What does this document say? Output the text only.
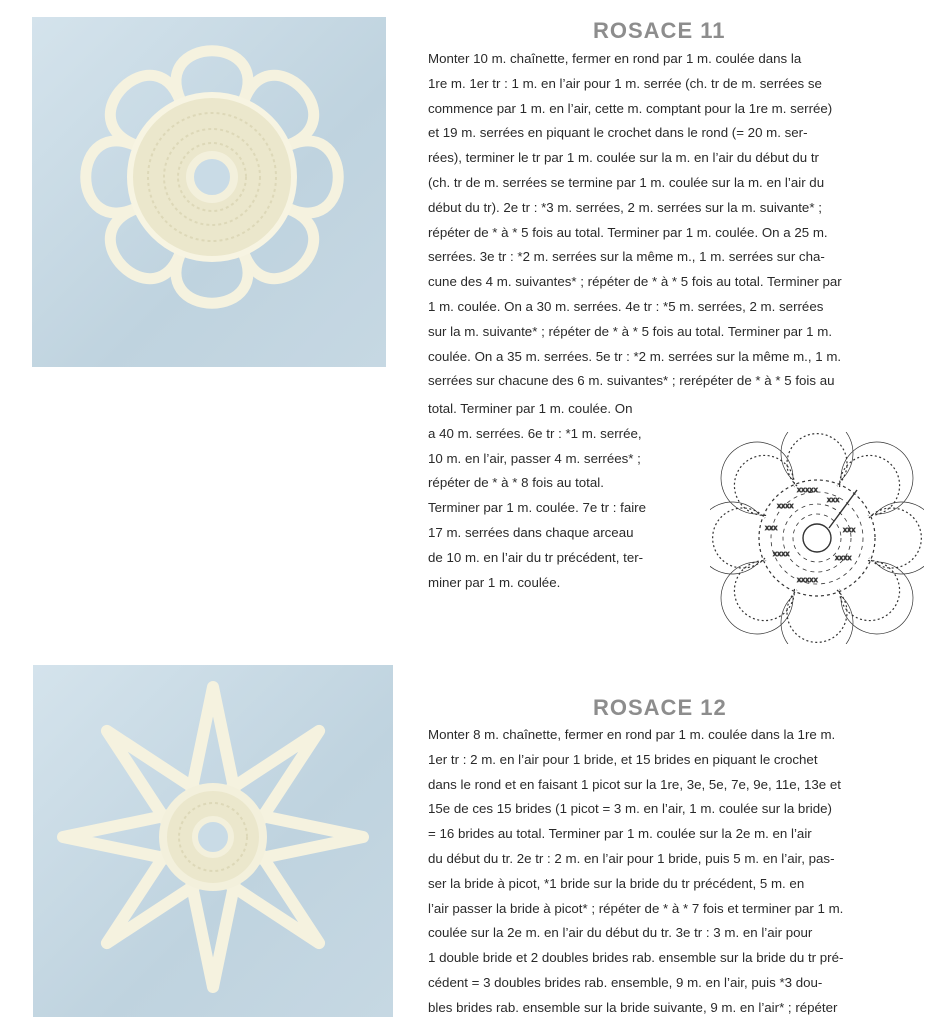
ROSACE 11
Monter 10 m. chaînette, fermer en rond par 1 m. coulée dans la
1re m. 1er tr : 1 m. en l’air pour 1 m. serrée (ch. tr de m. serrées se
commence par 1 m. en l’air, cette m. comptant pour la 1re m. serrée)
et 19 m. serrées en piquant le crochet dans le rond (= 20 m. ser-
rées), terminer le tr par 1 m. coulée sur la m. en l’air du début du tr
(ch. tr de m. serrées se termine par 1 m. coulée sur la m. en l’air du
début du tr). 2e tr : *3 m. serrées, 2 m. serrées sur la m. suivante* ;
répéter de * à * 5 fois au total. Terminer par 1 m. coulée. On a 25 m.
serrées. 3e tr : *2 m. serrées sur la même m., 1 m. serrées sur cha-
cune des 4 m. suivantes* ; répéter de * à * 5 fois au total. Terminer par
1 m. coulée. On a 30 m. serrées. 4e tr : *5 m. serrées, 2 m. serrées
sur la m. suivante* ; répéter de * à * 5 fois au total. Terminer par 1 m.
coulée. On a 35 m. serrées. 5e tr : *2 m. serrées sur la même m., 1 m.
serrées sur chacune des 6 m. suivantes* ; rerépéter de * à * 5 fois au
total. Terminer par 1 m. coulée. On
a 40 m. serrées. 6e tr : *1 m. serrée,
10 m. en l’air, passer 4 m. serrées* ;
répéter de * à * 8 fois au total.
Terminer par 1 m. coulée. 7e tr : faire
17 m. serrées dans chaque arceau
de 10 m. en l’air du tr précédent, ter-
miner par 1 m. coulée.
xxxx
xxx
xxx	xxx
xxxx	xxxx
xxxxx
xxxxx
ROSACE 12
Monter 8 m. chaînette, fermer en rond par 1 m. coulée dans la 1re m.
1er tr : 2 m. en l’air pour 1 bride, et 15 brides en piquant le crochet
dans le rond et en faisant 1 picot sur la 1re, 3e, 5e, 7e, 9e, 11e, 13e et
15e de ces 15 brides (1 picot = 3 m. en l’air, 1 m. coulée sur la bride)
= 16 brides au total. Terminer par 1 m. coulée sur la 2e m. en l’air
du début du tr. 2e tr : 2 m. en l’air pour 1 bride, puis 5 m. en l’air, pas-
ser la bride à picot, *1 bride sur la bride du tr précédent, 5 m. en
l’air passer la bride à picot* ; répéter de * à * 7 fois et terminer par 1 m.
coulée sur la 2e m. en l’air du début du tr. 3e tr : 3 m. en l’air pour
1 double bride et 2 doubles brides rab. ensemble sur la bride du tr pré-
cédent = 3 doubles brides rab. ensemble, 9 m. en l’air, puis *3 dou-
bles brides rab. ensemble sur la bride suivante, 9 m. en l’air* ; répéter
